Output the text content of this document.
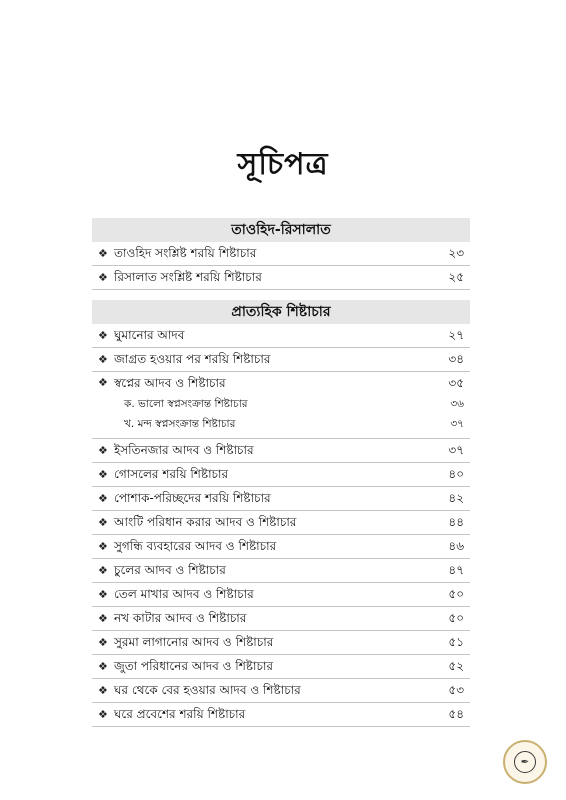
সূচিপত্র
তাওহিদ-রিসালাত
❖ তাওহিদ সংশ্লিষ্ট শরয়ি শিষ্টাচার	২৩
❖ রিসালাত সংশ্লিষ্ট শরয়ি শিষ্টাচার	২৫
প্রাত্যহিক শিষ্টাচার
❖ ঘুমানোর আদব	২৭
❖ জাগ্রত হওয়ার পর শরয়ি শিষ্টাচার	৩৪
❖ স্বপ্নের আদব ও শিষ্টাচার	৩৫
ক. ভালো স্বপ্নসংক্রান্ত শিষ্টাচার	৩৬
খ. মন্দ স্বপ্নসংক্রান্ত শিষ্টাচার	৩৭
❖ ইসতিনজার আদব ও শিষ্টাচার	৩৭
❖ গোসলের শরয়ি শিষ্টাচার	৪০
❖ পোশাক-পরিচ্ছদের শরয়ি শিষ্টাচার	৪২
❖ আংটি পরিধান করার আদব ও শিষ্টাচার	৪৪
❖ সুগন্ধি ব্যবহারের আদব ও শিষ্টাচার	৪৬
❖ চুলের আদব ও শিষ্টাচার	৪৭
❖ তেল মাখার আদব ও শিষ্টাচার	৫০
❖ নখ কাটার আদব ও শিষ্টাচার	৫০
❖ সুরমা লাগানোর আদব ও শিষ্টাচার	৫১
❖ জুতা পরিধানের আদব ও শিষ্টাচার	৫২
❖ ঘর থেকে বের হওয়ার আদব ও শিষ্টাচার	৫৩
❖ ঘরে প্রবেশের শরয়ি শিষ্টাচার	৫৪
✒
